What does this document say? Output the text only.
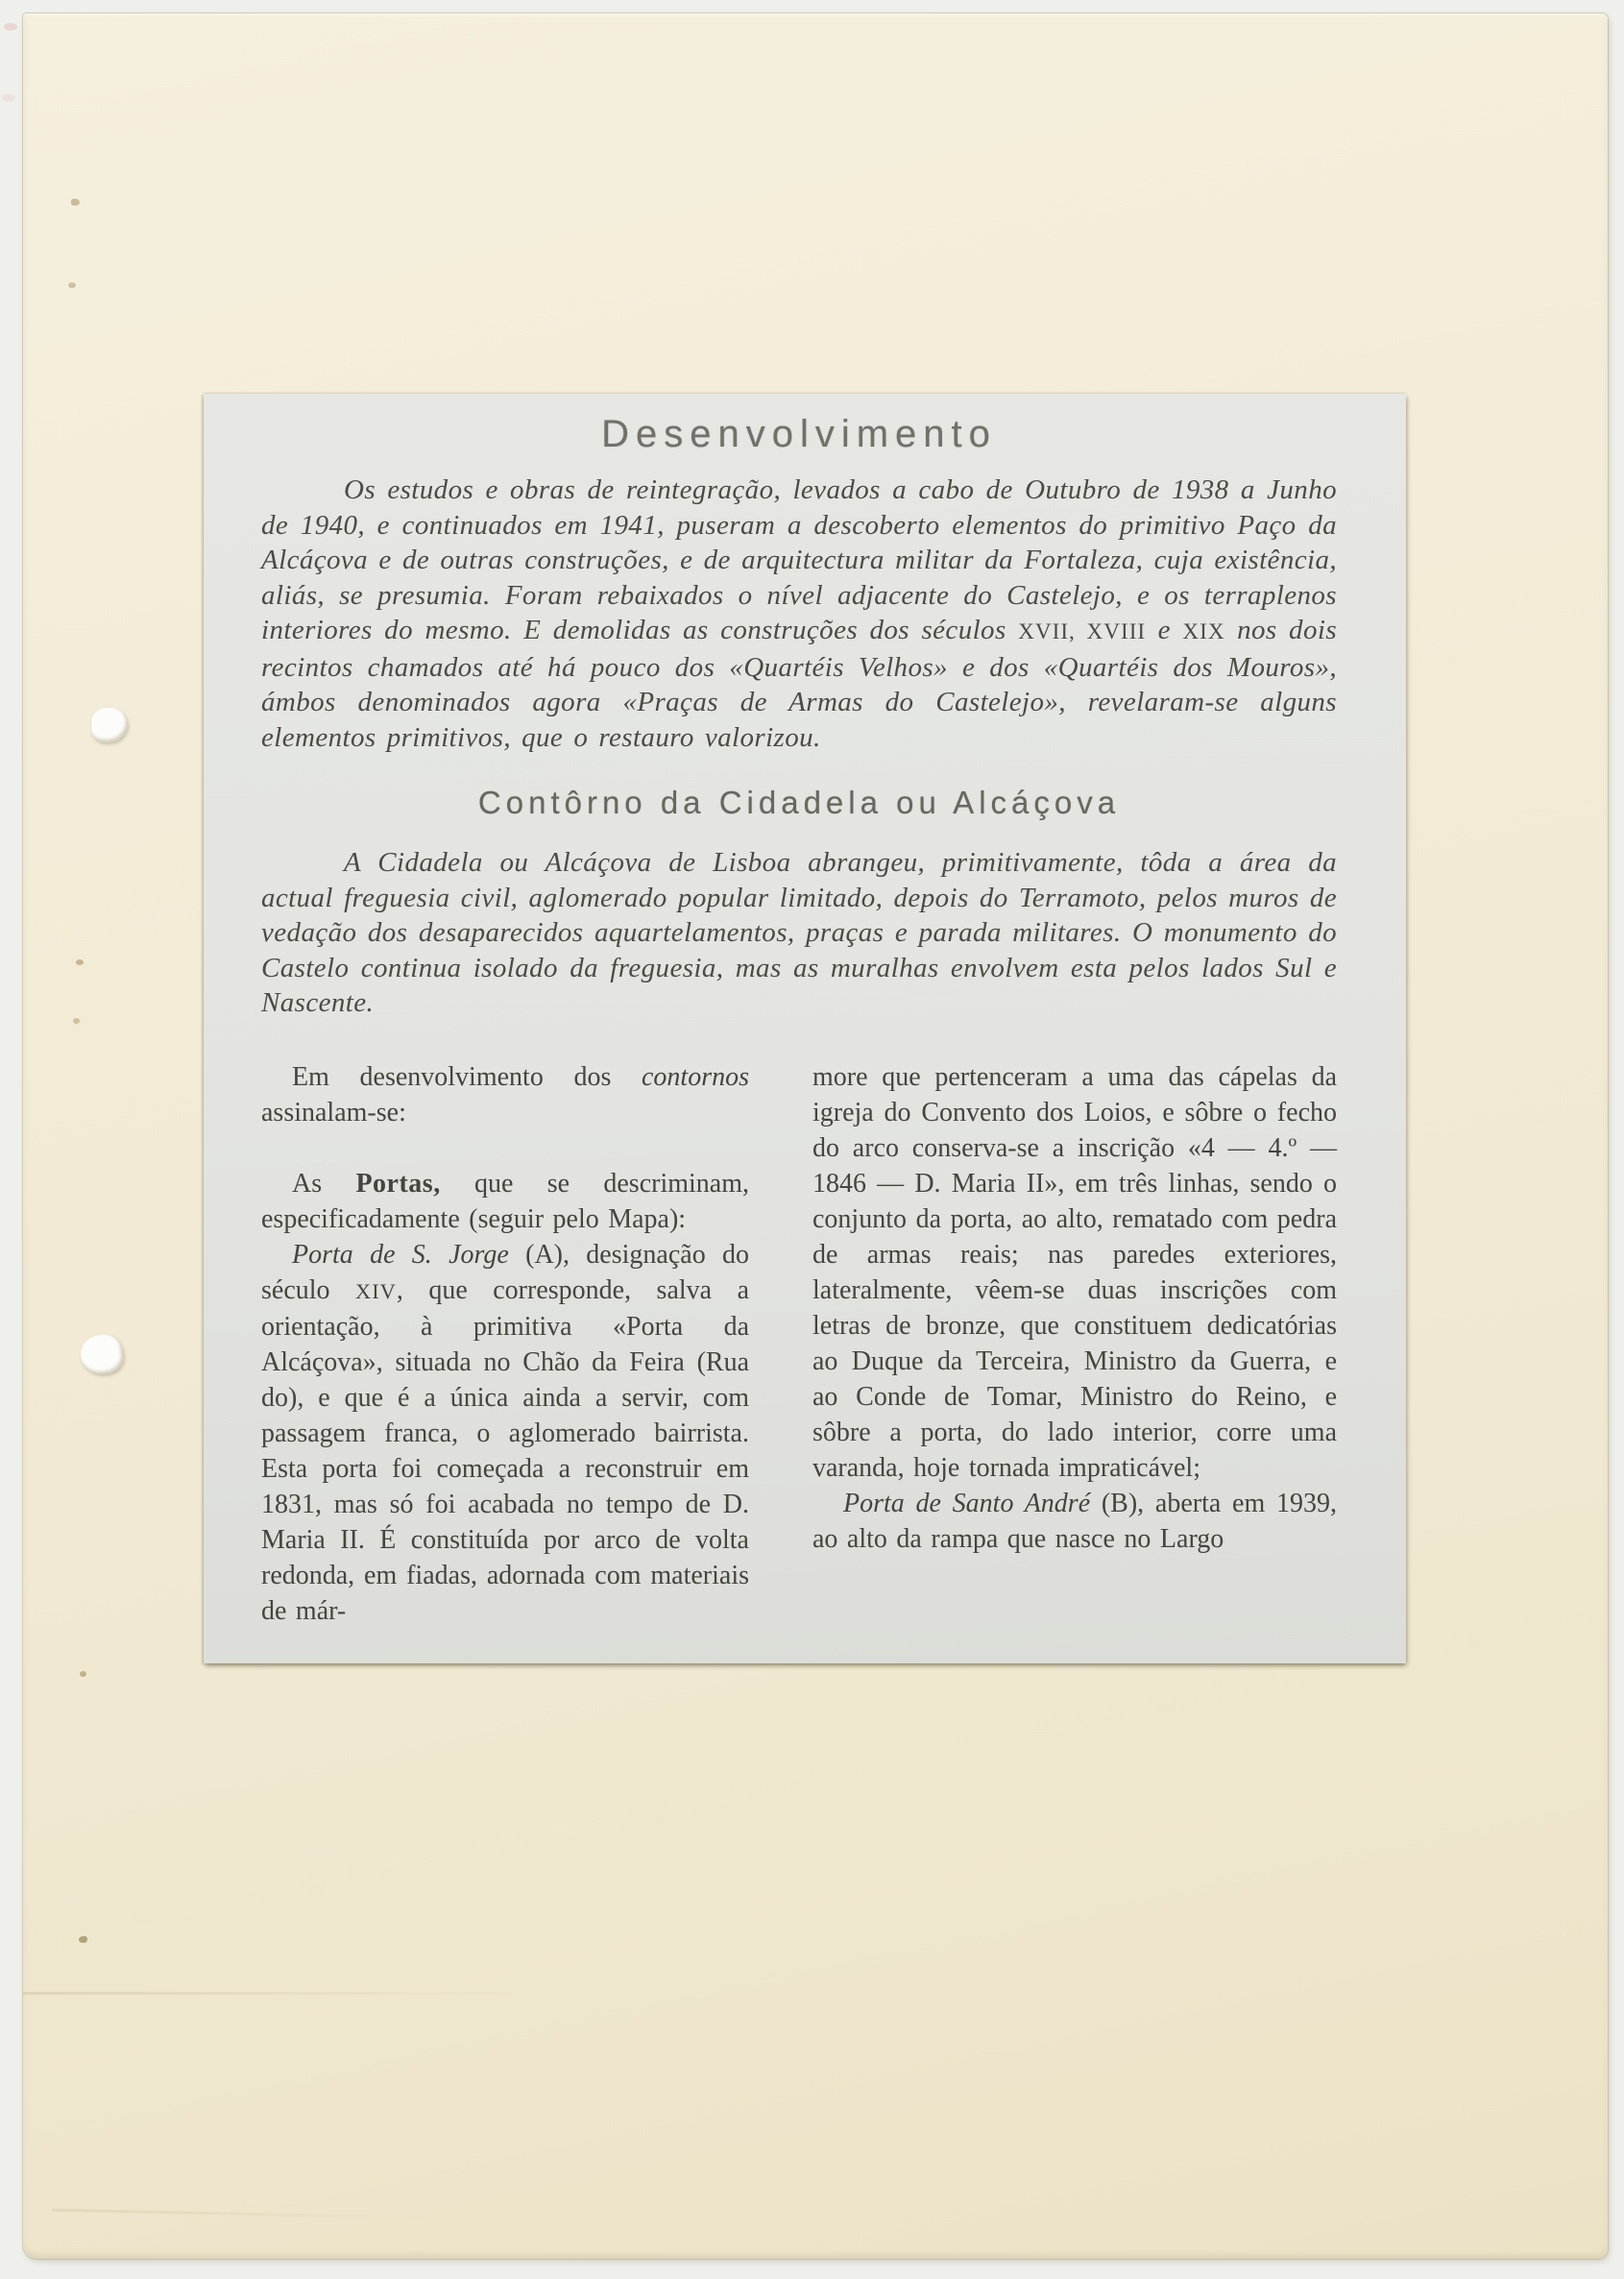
Desenvolvimento

Os estudos e obras de reintegração, levados a cabo de Outubro de 1938 a Junho de 1940, e continuados em 1941, puseram a descoberto elementos do primitivo Paço da Alcáçova e de outras construções, e de arquitectura militar da Fortaleza, cuja existência, aliás, se presumia. Foram rebaixados o nível adjacente do Castelejo, e os terraplenos interiores do mesmo. E demolidas as construções dos séculos XVII, XVIII e XIX nos dois recintos chamados até há pouco dos «Quartéis Velhos» e dos «Quartéis dos Mouros», ámbos denominados agora «Praças de Armas do Castelejo», revelaram-se alguns elementos primitivos, que o restauro valorizou.

Contôrno da Cidadela ou Alcáçova

A Cidadela ou Alcáçova de Lisboa abrangeu, primitivamente, tôda a área da actual freguesia civil, aglomerado popular limitado, depois do Terramoto, pelos muros de vedação dos desaparecidos aquartelamentos, praças e parada militares. O monumento do Castelo continua isolado da freguesia, mas as muralhas envolvem esta pelos lados Sul e Nascente.

Em desenvolvimento dos contornos assinalam-se:

As Portas, que se descriminam, especificadamente (seguir pelo Mapa):

Porta de S. Jorge (A), designação do século XIV, que corresponde, salva a orientação, à primitiva «Porta da Alcáçova», situada no Chão da Feira (Rua do), e que é a única ainda a servir, com passagem franca, o aglomerado bairrista. Esta porta foi começada a reconstruir em 1831, mas só foi acabada no tempo de D. Maria II. É constituída por arco de volta redonda, em fiadas, adornada com materiais de már-

more que pertenceram a uma das cápelas da igreja do Convento dos Loios, e sôbre o fecho do arco conserva-se a inscrição «4 — 4.º — 1846 — D. Maria II», em três linhas, sendo o conjunto da porta, ao alto, rematado com pedra de armas reais; nas paredes exteriores, lateralmente, vêem-se duas inscrições com letras de bronze, que constituem dedicatórias ao Duque da Terceira, Ministro da Guerra, e ao Conde de Tomar, Ministro do Reino, e sôbre a porta, do lado interior, corre uma varanda, hoje tornada impraticável;

Porta de Santo André (B), aberta em 1939, ao alto da rampa que nasce no Largo
